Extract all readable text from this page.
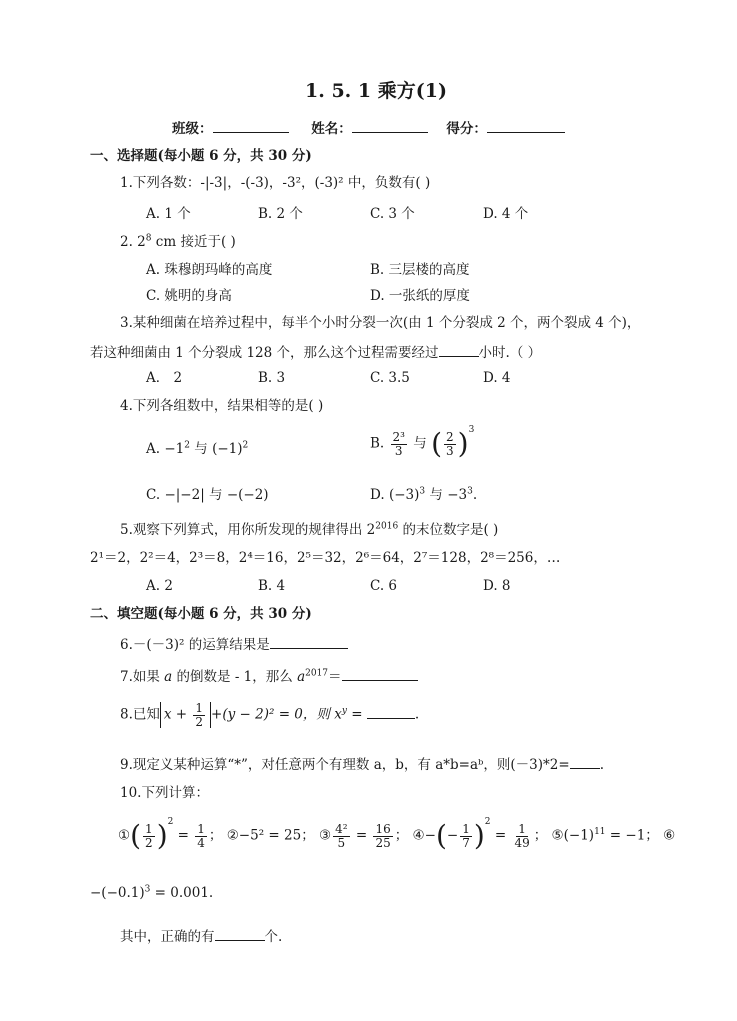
1. 5. 1 乘方(1)
班级：	姓名：	得分：
一、选择题(每小题 6 分，共 30 分)
1.下列各数：-|-3|，-(-3)，-3²，(-3)² 中，负数有( )
A. 1 个	B. 2 个	C. 3 个	D. 4 个
2. $2^8$ cm 接近于( )
A. 珠穆朗玛峰的高度	B. 三层楼的高度
C. 姚明的身高	D. 一张纸的厚度
3.某种细菌在培养过程中，每半个小时分裂一次(由 1 个分裂成 2 个，两个裂成 4 个)，
若这种细菌由 1 个分裂成 128 个，那么这个过程需要经过	小时.（ ）
A． 2	B. 3	C. 3.5	D. 4
4.下列各组数中，结果相等的是( )
A. $-1^2$ 与 $(-1)^2$	B. $\frac{\text{2³}}{3}$ 与 ( $\frac{2}{3} )^3$
C. −|−2| 与 −(−2)	D. $(-3)^3$ 与 $-3^3$.
5.观察下列算式，用你所发现的规律得出 $2^{2016}$ 的末位数字是( )
2¹＝2，2²＝4，2³＝8，2⁴＝16，2⁵＝32，2⁶＝64，2⁷＝128，2⁸＝256，…
A. 2	B. 4	C. 6	D. 8
二、填空题(每小题 6 分，共 30 分)
6.－(－3)² 的运算结果是
7.如果 a 的倒数是 - 1，那么 $a^{2017}=$
8.已知 $x + \frac{1}{2} +(y - 2)^2 = 0$，则 $x^y$ =	.
9.现定义某种运算“*”，对任意两个有理数 a，b，有 a*b=aᵇ，则(－3)*2= .
10.下列计算：
①( $\frac{1}{2} )^2 = \frac{1}{4}$ ； ②−5² = 25； ③ $\frac{\text{4²}}{5} = \frac{16}{25}$ ； ④−(− $\frac{1}{7} )^2 = \frac{1}{49}$ ； $⑤(-1)^{11} = -1$； ⑥
$-(-0.1)^3 = 0.001$.
其中，正确的有	个.
